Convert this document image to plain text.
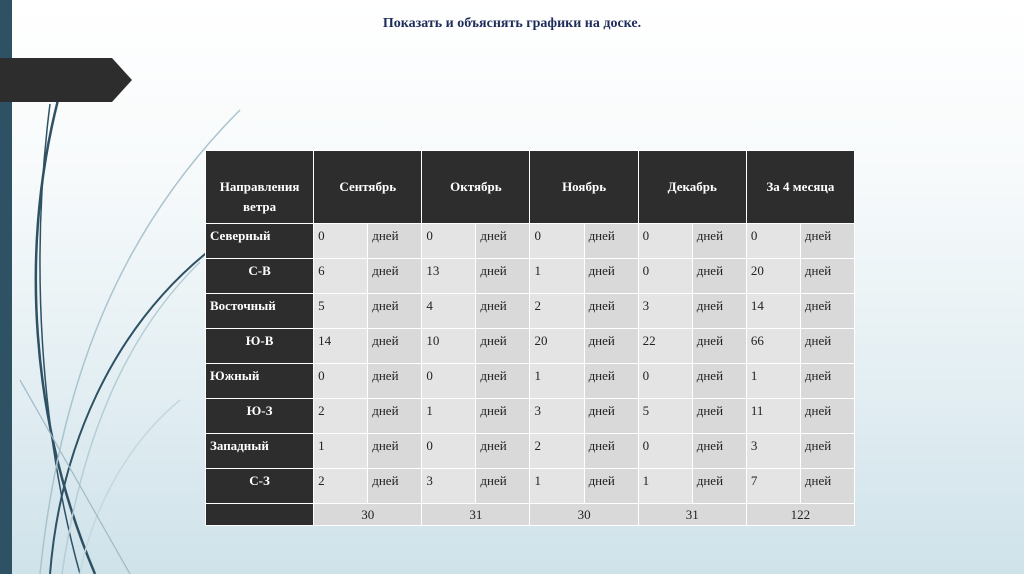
Показать и объяснять графики на доске.
Направления ветра	Сентябрь		Октябрь		Ноябрь		Декабрь		За 4 месяца	
Северный	0	дней	0	дней	0	дней	0	дней	0	дней
С-В	6	дней	13	дней	1	дней	0	дней	20	дней
Восточный	5	дней	4	дней	2	дней	3	дней	14	дней
Ю-В	14	дней	10	дней	20	дней	22	дней	66	дней
Южный	0	дней	0	дней	1	дней	0	дней	1	дней
Ю-З	2	дней	1	дней	3	дней	5	дней	11	дней
Западный	1	дней	0	дней	2	дней	0	дней	3	дней
С-З	2	дней	3	дней	1	дней	1	дней	7	дней
	30		31		30		31		122	
